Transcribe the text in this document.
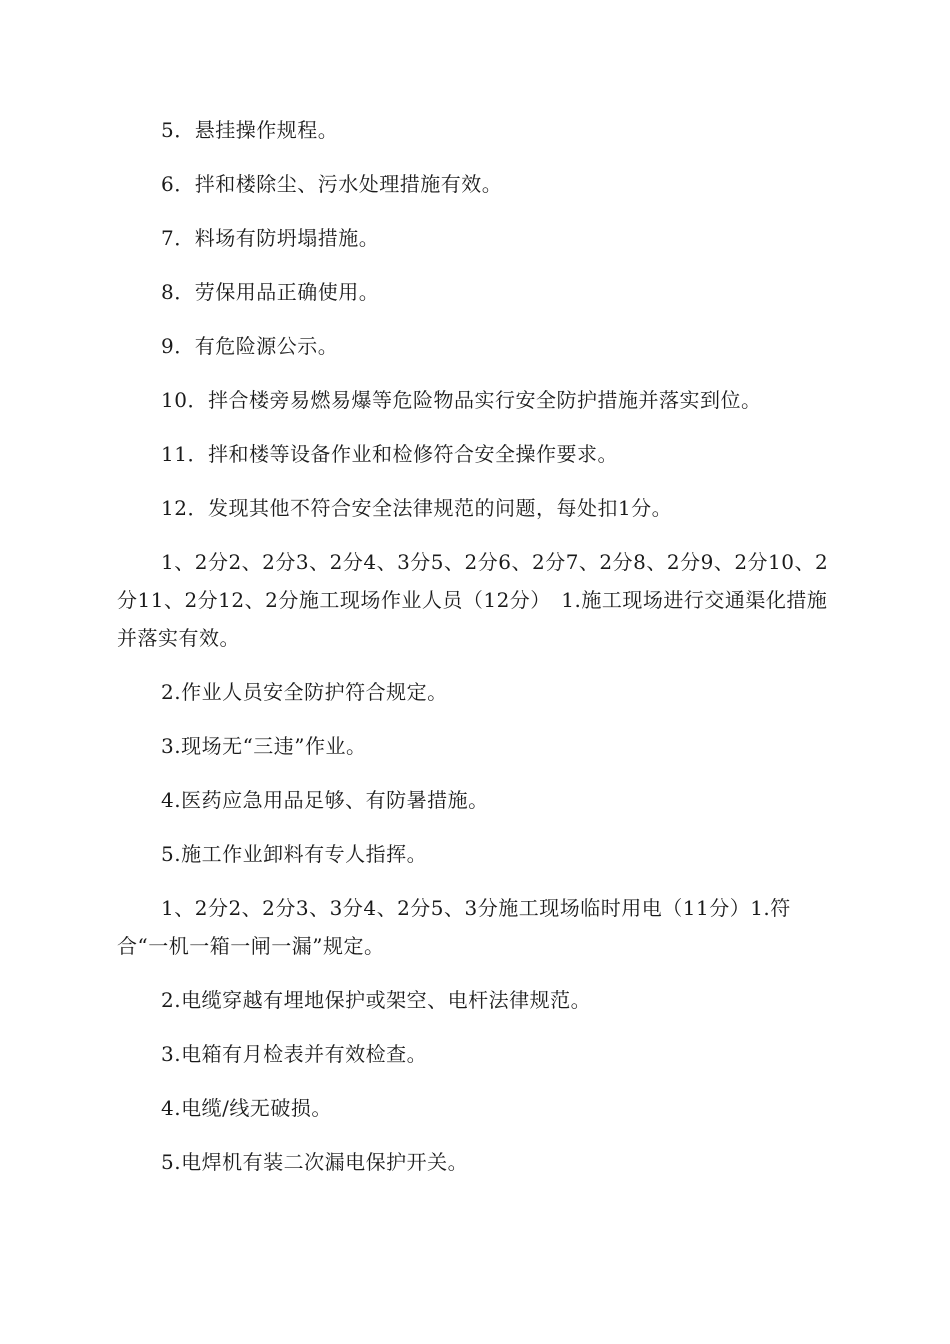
5．悬挂操作规程。

6．拌和楼除尘、污水处理措施有效。

7．料场有防坍塌措施。

8．劳保用品正确使用。

9．有危险源公示。

10．拌合楼旁易燃易爆等危险物品实行安全防护措施并落实到位。

11．拌和楼等设备作业和检修符合安全操作要求。

12．发现其他不符合安全法律规范的问题，每处扣1分。

1、2分2、2分3、2分4、3分5、2分6、2分7、2分8、2分9、2分10、2分11、2分12、2分施工现场作业人员（12分）　1.施工现场进行交通渠化措施并落实有效。

2.作业人员安全防护符合规定。

3.现场无“三违”作业。

4.医药应急用品足够、有防暑措施。

5.施工作业卸料有专人指挥。

1、2分2、2分3、3分4、2分5、3分施工现场临时用电（11分）1.符合“一机一箱一闸一漏”规定。

2.电缆穿越有埋地保护或架空、电杆法律规范。

3.电箱有月检表并有效检查。

4.电缆/线无破损。

5.电焊机有装二次漏电保护开关。
